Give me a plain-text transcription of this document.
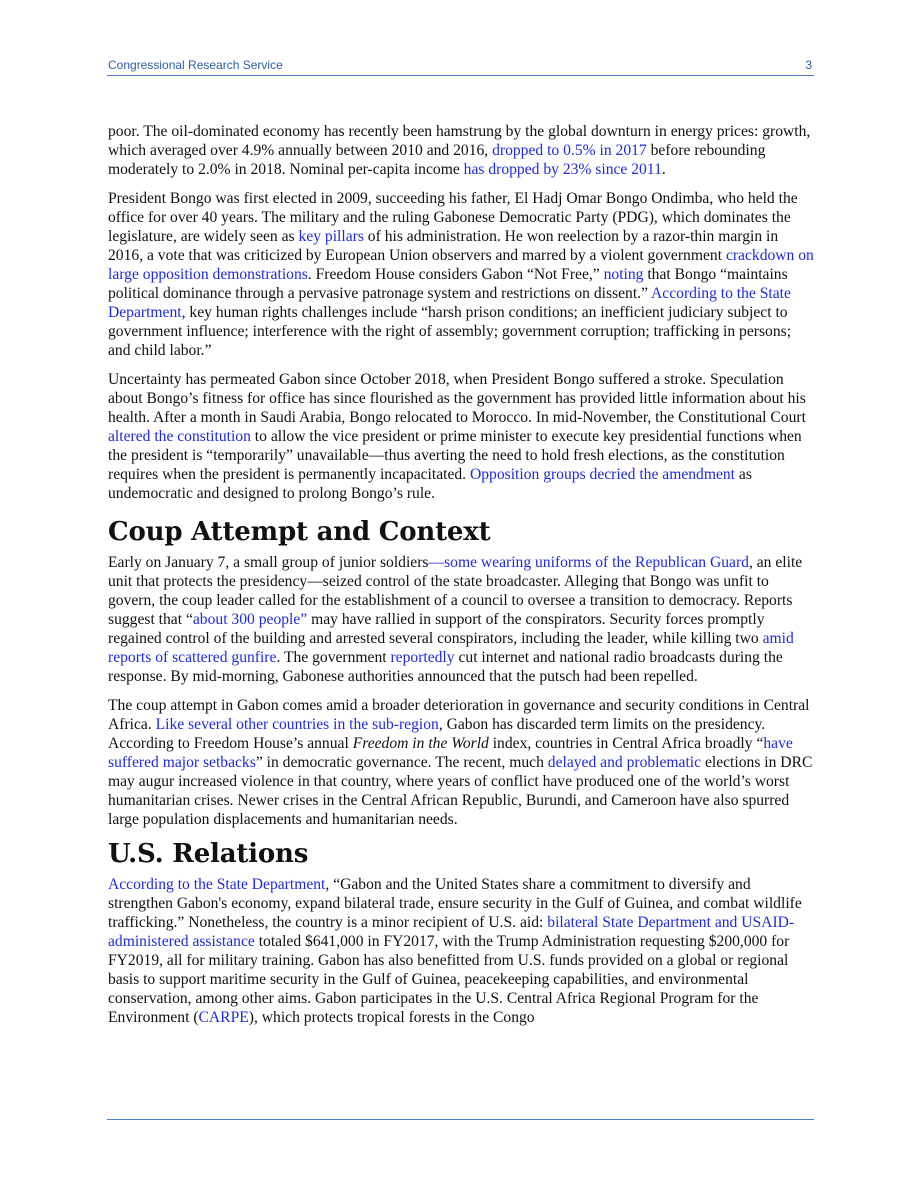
Congressional Research Service	3

poor. The oil-dominated economy has recently been hamstrung by the global downturn in energy prices: growth, which averaged over 4.9% annually between 2010 and 2016, dropped to 0.5% in 2017 before rebounding moderately to 2.0% in 2018. Nominal per-capita income has dropped by 23% since 2011.

President Bongo was first elected in 2009, succeeding his father, El Hadj Omar Bongo Ondimba, who held the office for over 40 years. The military and the ruling Gabonese Democratic Party (PDG), which dominates the legislature, are widely seen as key pillars of his administration. He won reelection by a razor-thin margin in 2016, a vote that was criticized by European Union observers and marred by a violent government crackdown on large opposition demonstrations. Freedom House considers Gabon “Not Free,” noting that Bongo “maintains political dominance through a pervasive patronage system and restrictions on dissent.” According to the State Department, key human rights challenges include “harsh prison conditions; an inefficient judiciary subject to government influence; interference with the right of assembly; government corruption; trafficking in persons; and child labor.”

Uncertainty has permeated Gabon since October 2018, when President Bongo suffered a stroke. Speculation about Bongo’s fitness for office has since flourished as the government has provided little information about his health. After a month in Saudi Arabia, Bongo relocated to Morocco. In mid-November, the Constitutional Court altered the constitution to allow the vice president or prime minister to execute key presidential functions when the president is “temporarily” unavailable—thus averting the need to hold fresh elections, as the constitution requires when the president is permanently incapacitated. Opposition groups decried the amendment as undemocratic and designed to prolong Bongo’s rule.

Coup Attempt and Context

Early on January 7, a small group of junior soldiers—some wearing uniforms of the Republican Guard, an elite unit that protects the presidency—seized control of the state broadcaster. Alleging that Bongo was unfit to govern, the coup leader called for the establishment of a council to oversee a transition to democracy. Reports suggest that “about 300 people” may have rallied in support of the conspirators. Security forces promptly regained control of the building and arrested several conspirators, including the leader, while killing two amid reports of scattered gunfire. The government reportedly cut internet and national radio broadcasts during the response. By mid-morning, Gabonese authorities announced that the putsch had been repelled.

The coup attempt in Gabon comes amid a broader deterioration in governance and security conditions in Central Africa. Like several other countries in the sub-region, Gabon has discarded term limits on the presidency. According to Freedom House’s annual Freedom in the World index, countries in Central Africa broadly “have suffered major setbacks” in democratic governance. The recent, much delayed and problematic elections in DRC may augur increased violence in that country, where years of conflict have produced one of the world’s worst humanitarian crises. Newer crises in the Central African Republic, Burundi, and Cameroon have also spurred large population displacements and humanitarian needs.

U.S. Relations

According to the State Department, “Gabon and the United States share a commitment to diversify and strengthen Gabon's economy, expand bilateral trade, ensure security in the Gulf of Guinea, and combat wildlife trafficking.” Nonetheless, the country is a minor recipient of U.S. aid: bilateral State Department and USAID-administered assistance totaled $641,000 in FY2017, with the Trump Administration requesting $200,000 for FY2019, all for military training. Gabon has also benefitted from U.S. funds provided on a global or regional basis to support maritime security in the Gulf of Guinea, peacekeeping capabilities, and environmental conservation, among other aims. Gabon participates in the U.S. Central Africa Regional Program for the Environment (CARPE), which protects tropical forests in the Congo
